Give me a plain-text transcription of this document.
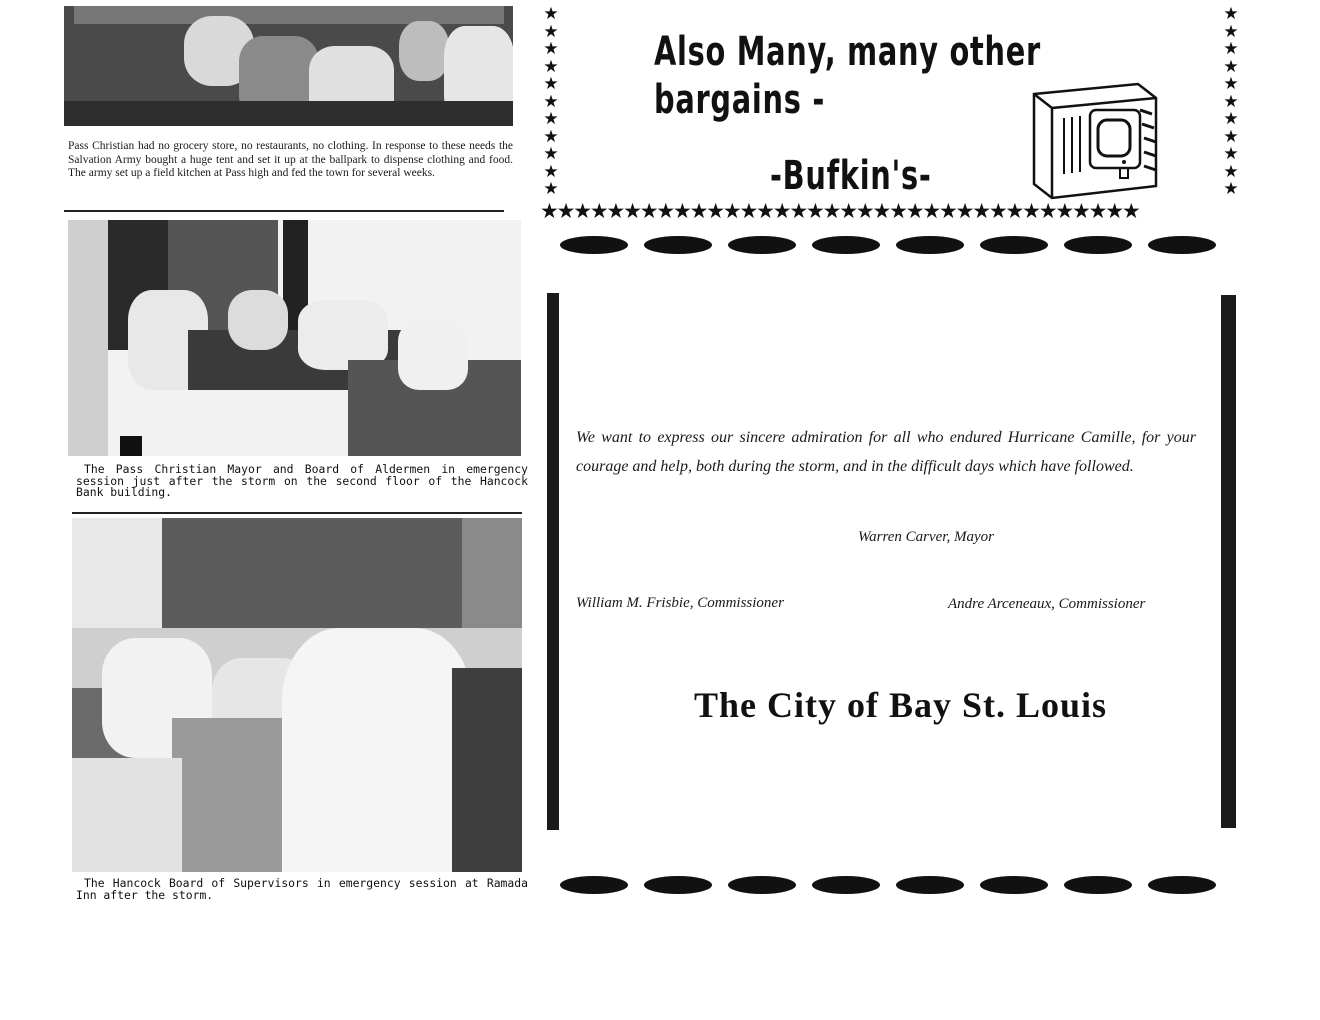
Pass Christian had no grocery store, no restaurants, no clothing. In response to these needs the Salvation Army bought a huge tent and set it up at the ballpark to dispense clothing and food. The army set up a field kitchen at Pass high and fed the town for several weeks.
The Pass Christian Mayor and Board of Aldermen in emergency session just after the storm on the second floor of the Hancock Bank building.
The Hancock Board of Supervisors in emergency session at Ramada Inn after the storm.
★
★
★
★
★
★
★
★
★
★
★
★
★
★
★
★
★
★
★
★
★
★
★★★★★★★★★★★★★★★★★★★★★★★★★★★★★★★★★★★★
Also Many, many other
bargains -
-Bufkin's-
We want to express our sincere admiration for all who endured Hurricane Camille, for your courage and help, both during the storm, and in the difficult days which have followed.
Warren Carver, Mayor
William M. Frisbie, Commissioner	Andre Arceneaux, Commissioner
The City of Bay St. Louis
